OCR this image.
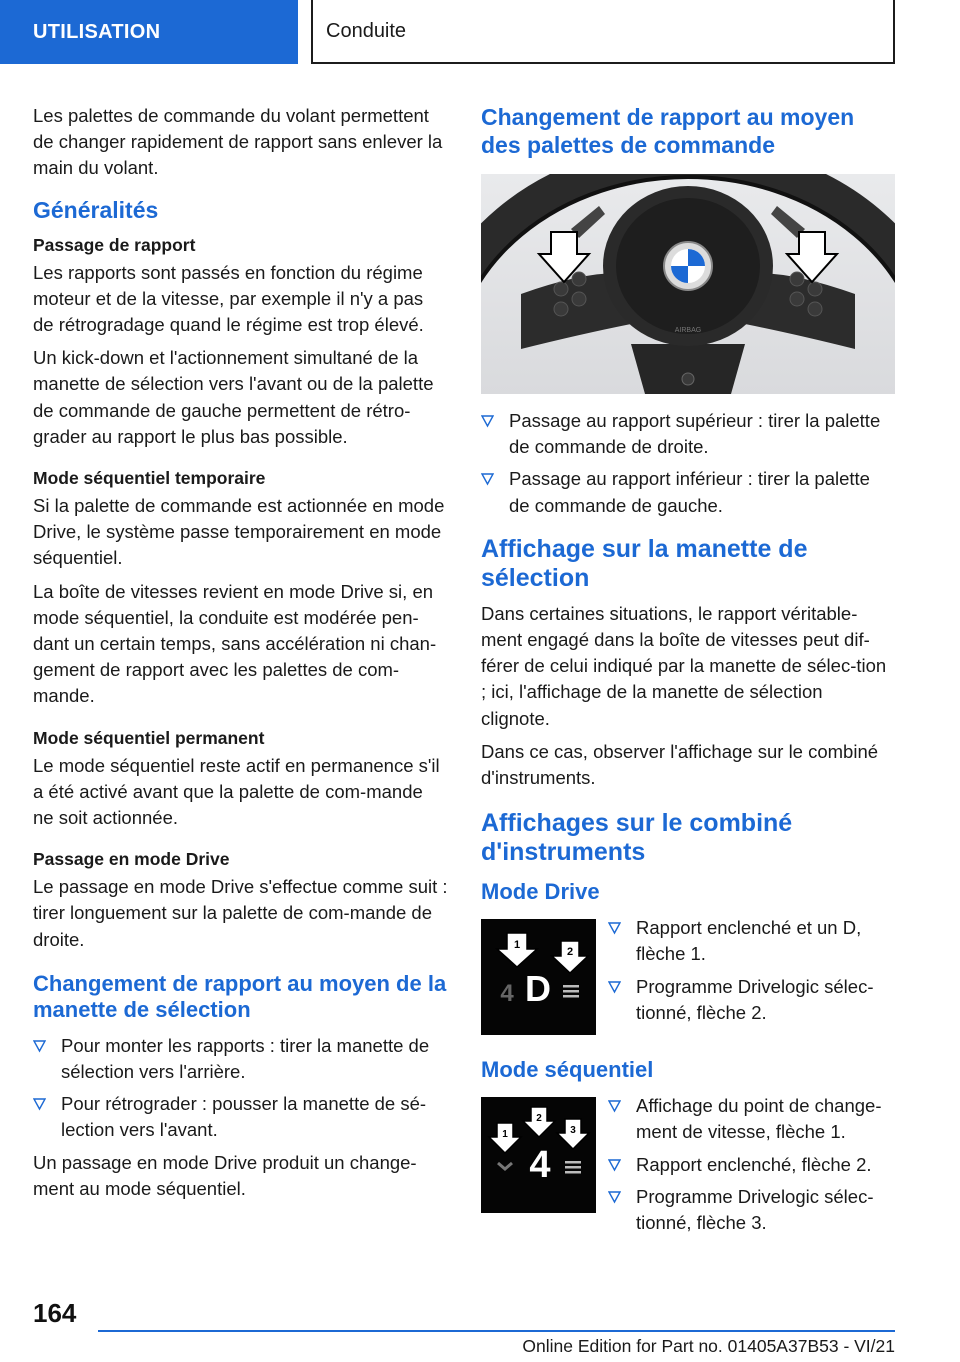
UTILISATION	Conduite

Les palettes de commande du volant permettent de changer rapidement de rapport sans enlever la main du volant.

Généralités
Passage de rapport

Les rapports sont passés en fonction du régime moteur et de la vitesse, par exemple il n'y a pas de rétrogradage quand le régime est trop élevé.

Un kick-down et l'actionnement simultané de la manette de sélection vers l'avant ou de la palette de commande de gauche permettent de rétro-grader au rapport le plus bas possible.

Mode séquentiel temporaire

Si la palette de commande est actionnée en mode Drive, le système passe temporairement en mode séquentiel.

La boîte de vitesses revient en mode Drive si, en mode séquentiel, la conduite est modérée pen-dant un certain temps, sans accélération ni chan-gement de rapport avec les palettes de com-mande.

Mode séquentiel permanent

Le mode séquentiel reste actif en permanence s'il a été activé avant que la palette de com-mande ne soit actionnée.

Passage en mode Drive

Le passage en mode Drive s'effectue comme suit : tirer longuement sur la palette de com-mande de droite.

Changement de rapport au moyen de la manette de sélection
Pour monter les rapports : tirer la manette de sélection vers l'arrière.
Pour rétrograder : pousser la manette de sé-lection vers l'avant.

Un passage en mode Drive produit un change-ment au mode séquentiel.

Changement de rapport au moyen des palettes de commande
AIRBAG
Passage au rapport supérieur : tirer la palette de commande de droite.
Passage au rapport inférieur : tirer la palette de commande de gauche.
Affichage sur la manette de sélection

Dans certaines situations, le rapport véritable-ment engagé dans la boîte de vitesses peut dif-férer de celui indiqué par la manette de sélec-tion ; ici, l'affichage de la manette de sélection clignote.

Dans ce cas, observer l'affichage sur le combiné d'instruments.

Affichages sur le combiné d'instruments
Mode Drive
1
2
4 D
Rapport enclenché et un D, flèche 1.
Programme Drivelogic sélec-tionné, flèche 2.
Mode séquentiel
1
2
3
4
Affichage du point de change-ment de vitesse, flèche 1.
Rapport enclenché, flèche 2.
Programme Drivelogic sélec-tionné, flèche 3.
164
Online Edition for Part no. 01405A37B53 - VI/21
